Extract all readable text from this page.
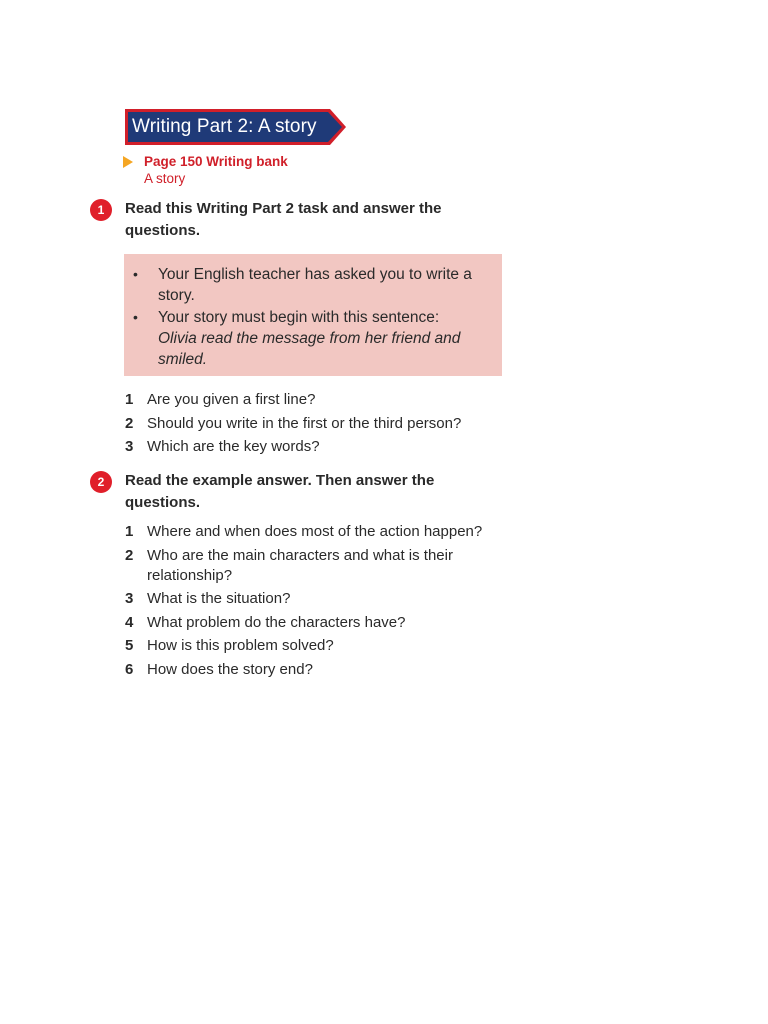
Writing Part 2: A story
Page 150 Writing bank
A story
1	Read this Writing Part 2 task and answer the questions.
• Your English teacher has asked you to write a story.
• Your story must begin with this sentence:
Olivia read the message from her friend and smiled.
1 Are you given a first line?
2 Should you write in the first or the third person?
3 Which are the key words?
2	Read the example answer. Then answer the questions.
1 Where and when does most of the action happen?
2 Who are the main characters and what is their relationship?
3 What is the situation?
4 What problem do the characters have?
5 How is this problem solved?
6 How does the story end?
